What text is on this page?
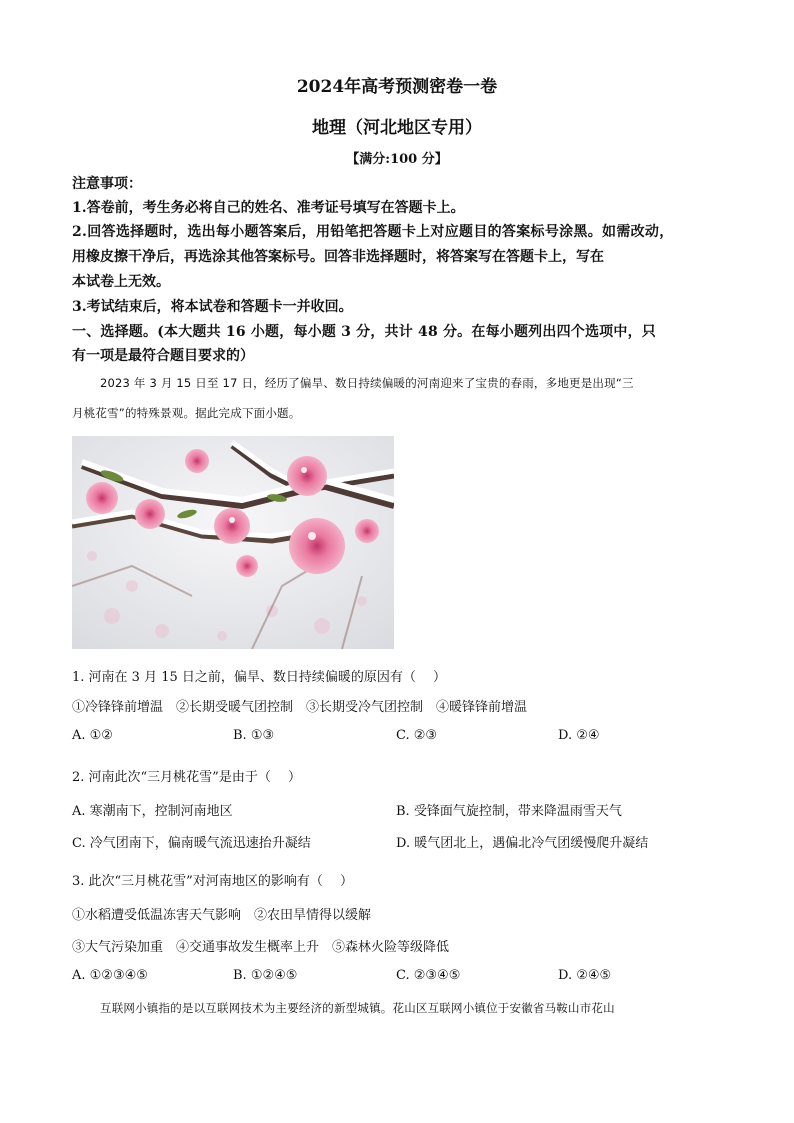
2024年高考预测密卷一卷
地理（河北地区专用）
【满分:100 分】
注意事项：
1.答卷前，考生务必将自己的姓名、准考证号填写在答题卡上。
2.回答选择题时，选出每小题答案后，用铅笔把答题卡上对应题目的答案标号涂黑。如需改动，
用橡皮擦干净后，再选涂其他答案标号。回答非选择题时，将答案写在答题卡上，写在
本试卷上无效。
3.考试结束后，将本试卷和答题卡一并收回。
一、选择题。(本大题共 16 小题，每小题 3 分，共计 48 分。在每小题列出四个选项中，只
有一项是最符合题目要求的）
2023 年 3 月 15 日至 17 日，经历了偏旱、数日持续偏暖的河南迎来了宝贵的春雨，多地更是出现“三
月桃花雪”的特殊景观。据此完成下面小题。
1. 河南在 3 月 15 日之前，偏旱、数日持续偏暖的原因有（　 ）
①冷锋锋前增温　②长期受暖气团控制　③长期受冷气团控制　④暖锋锋前增温
A. ①②	B. ①③	C. ②③	D. ②④
2. 河南此次“三月桃花雪”是由于（　 ）
A. 寒潮南下，控制河南地区	B. 受锋面气旋控制，带来降温雨雪天气
C. 冷气团南下，偏南暖气流迅速抬升凝结	D. 暖气团北上，遇偏北冷气团缓慢爬升凝结
3. 此次“三月桃花雪”对河南地区的影响有（　 ）
①水稻遭受低温冻害天气影响　②农田旱情得以缓解
③大气污染加重　④交通事故发生概率上升　⑤森林火险等级降低
A. ①②③④⑤	B. ①②④⑤	C. ②③④⑤	D. ②④⑤
互联网小镇指的是以互联网技术为主要经济的新型城镇。花山区互联网小镇位于安徽省马鞍山市花山
